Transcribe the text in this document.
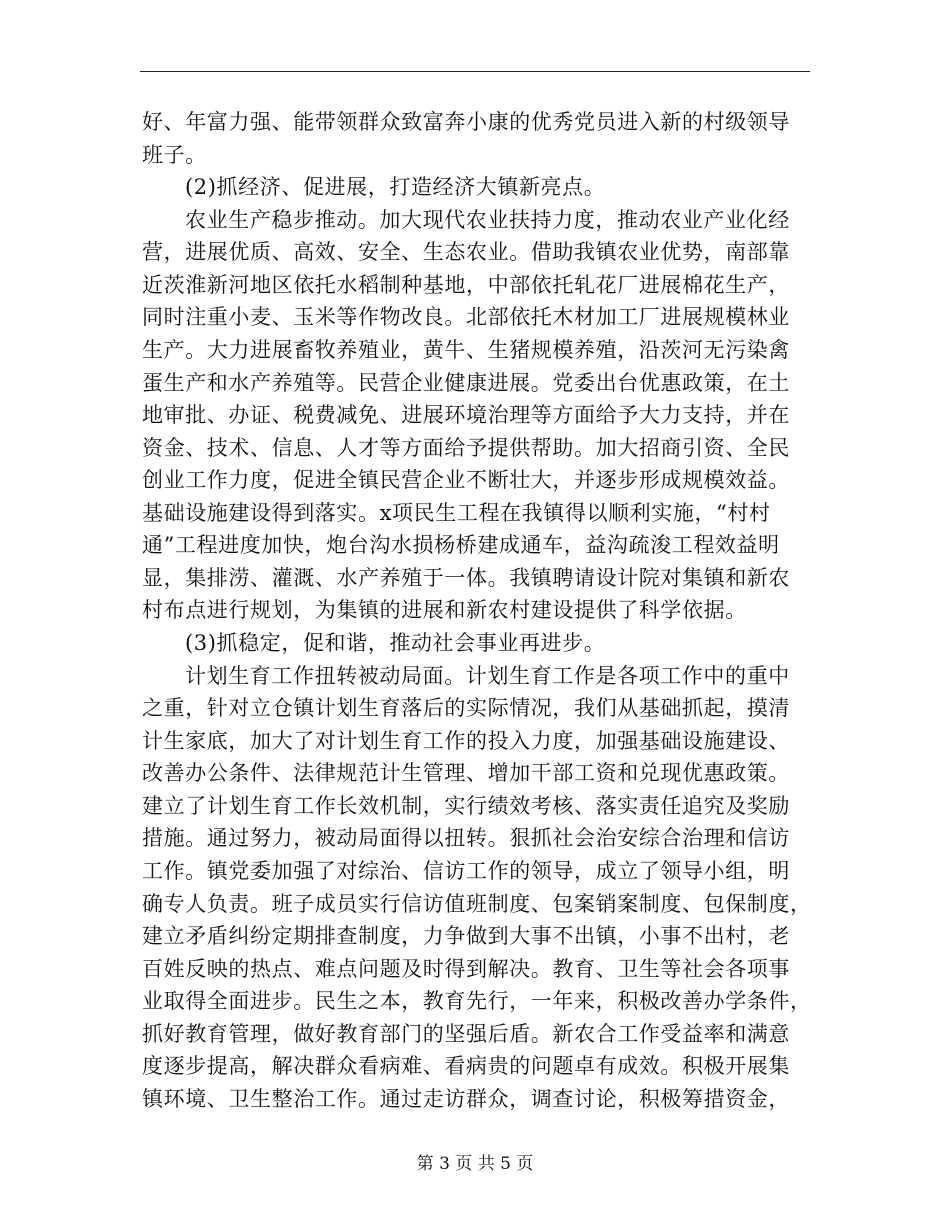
好、年富力强、能带领群众致富奔小康的优秀党员进入新的村级领导
班子。
(2)抓经济、促进展，打造经济大镇新亮点。
农业生产稳步推动。加大现代农业扶持力度，推动农业产业化经
营，进展优质、高效、安全、生态农业。借助我镇农业优势，南部靠
近茨淮新河地区依托水稻制种基地，中部依托轧花厂进展棉花生产，
同时注重小麦、玉米等作物改良。北部依托木材加工厂进展规模林业
生产。大力进展畜牧养殖业，黄牛、生猪规模养殖，沿茨河无污染禽
蛋生产和水产养殖等。民营企业健康进展。党委出台优惠政策，在土
地审批、办证、税费减免、进展环境治理等方面给予大力支持，并在
资金、技术、信息、人才等方面给予提供帮助。加大招商引资、全民
创业工作力度，促进全镇民营企业不断壮大，并逐步形成规模效益。
基础设施建设得到落实。x项民生工程在我镇得以顺利实施，“村村
通”工程进度加快，炮台沟水损杨桥建成通车，益沟疏浚工程效益明
显，集排涝、灌溉、水产养殖于一体。我镇聘请设计院对集镇和新农
村布点进行规划，为集镇的进展和新农村建设提供了科学依据。
(3)抓稳定，促和谐，推动社会事业再进步。
计划生育工作扭转被动局面。计划生育工作是各项工作中的重中
之重，针对立仓镇计划生育落后的实际情况，我们从基础抓起，摸清
计生家底，加大了对计划生育工作的投入力度，加强基础设施建设、
改善办公条件、法律规范计生管理、增加干部工资和兑现优惠政策。
建立了计划生育工作长效机制，实行绩效考核、落实责任追究及奖励
措施。通过努力，被动局面得以扭转。狠抓社会治安综合治理和信访
工作。镇党委加强了对综治、信访工作的领导，成立了领导小组，明
确专人负责。班子成员实行信访值班制度、包案销案制度、包保制度，
建立矛盾纠纷定期排查制度，力争做到大事不出镇，小事不出村，老
百姓反映的热点、难点问题及时得到解决。教育、卫生等社会各项事
业取得全面进步。民生之本，教育先行，一年来，积极改善办学条件，
抓好教育管理，做好教育部门的坚强后盾。新农合工作受益率和满意
度逐步提高，解决群众看病难、看病贵的问题卓有成效。积极开展集
镇环境、卫生整治工作。通过走访群众，调查讨论，积极筹措资金，
第 3 页 共 5 页
